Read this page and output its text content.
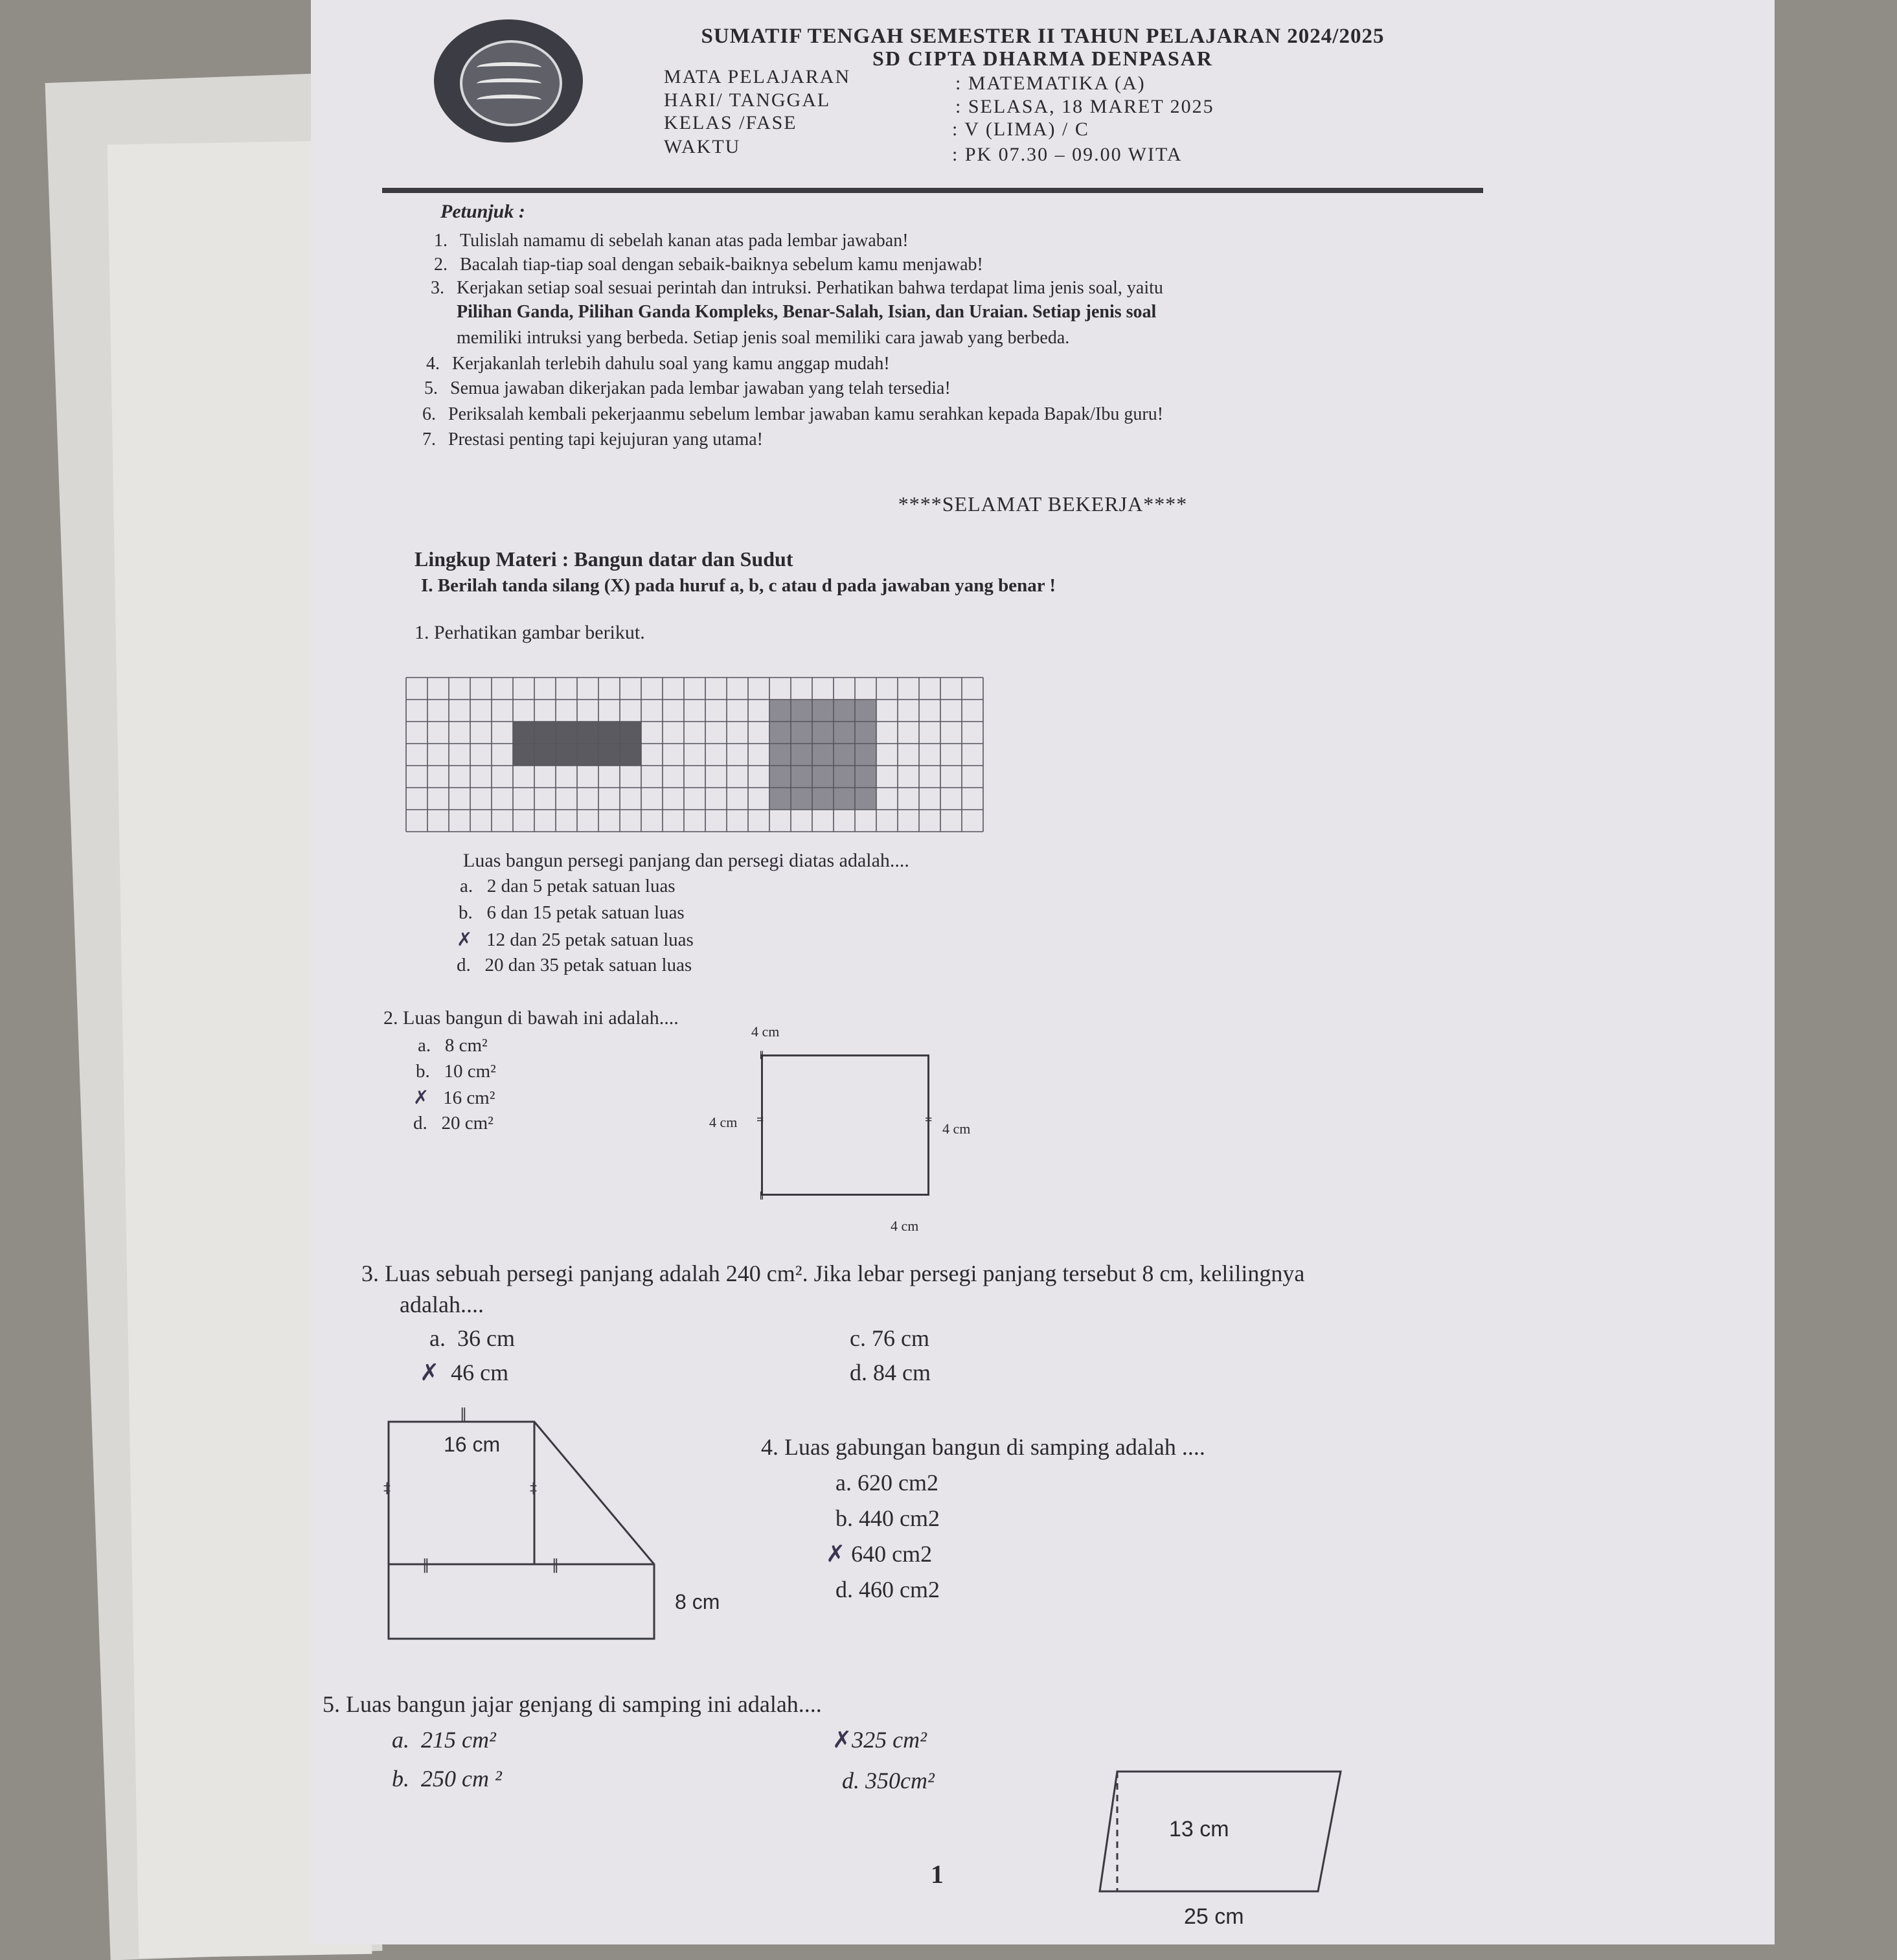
SUMATIF TENGAH SEMESTER II TAHUN PELAJARAN 2024/2025
SD CIPTA DHARMA DENPASAR
MATA PELAJARAN	: MATEMATIKA (A)
HARI/ TANGGAL	: SELASA, 18 MARET 2025
KELAS /FASE	: V (LIMA) / C
WAKTU	: PK 07.30 – 09.00 WITA
Petunjuk :
1. Tulislah namamu di sebelah kanan atas pada lembar jawaban!
2. Bacalah tiap-tiap soal dengan sebaik-baiknya sebelum kamu menjawab!
3. Kerjakan setiap soal sesuai perintah dan intruksi. Perhatikan bahwa terdapat lima jenis soal, yaitu
Pilihan Ganda, Pilihan Ganda Kompleks, Benar-Salah, Isian, dan Uraian. Setiap jenis soal
memiliki intruksi yang berbeda. Setiap jenis soal memiliki cara jawab yang berbeda.
4. Kerjakanlah terlebih dahulu soal yang kamu anggap mudah!
5. Semua jawaban dikerjakan pada lembar jawaban yang telah tersedia!
6. Periksalah kembali pekerjaanmu sebelum lembar jawaban kamu serahkan kepada Bapak/Ibu guru!
7. Prestasi penting tapi kejujuran yang utama!
****SELAMAT BEKERJA****
Lingkup Materi : Bangun datar dan Sudut
I. Berilah tanda silang (X) pada huruf a, b, c atau d pada jawaban yang benar !
1. Perhatikan gambar berikut.
Luas bangun persegi panjang dan persegi diatas adalah....
a. 2 dan 5 petak satuan luas
b. 6 dan 15 petak satuan luas
✗ 12 dan 25 petak satuan luas
d. 20 dan 35 petak satuan luas
2. Luas bangun di bawah ini adalah....
a. 8 cm²
b. 10 cm²
✗ 16 cm²
d. 20 cm²
4 cm
‖
‖
=	=
4 cm	4 cm
4 cm
3. Luas sebuah persegi panjang adalah 240 cm². Jika lebar persegi panjang tersebut 8 cm, kelilingnya
adalah....
a. 36 cm
✗ 46 cm
c. 76 cm
d. 84 cm
‖
‡	‡
‖	‖
16 cm
8 cm
4. Luas gabungan bangun di samping adalah ....
a. 620 cm2
b. 440 cm2
✗ 640 cm2
d. 460 cm2
5. Luas bangun jajar genjang di samping ini adalah....
a. 215 cm²
b. 250 cm ²
✗325 cm²
d. 350cm²
13 cm
25 cm
1
